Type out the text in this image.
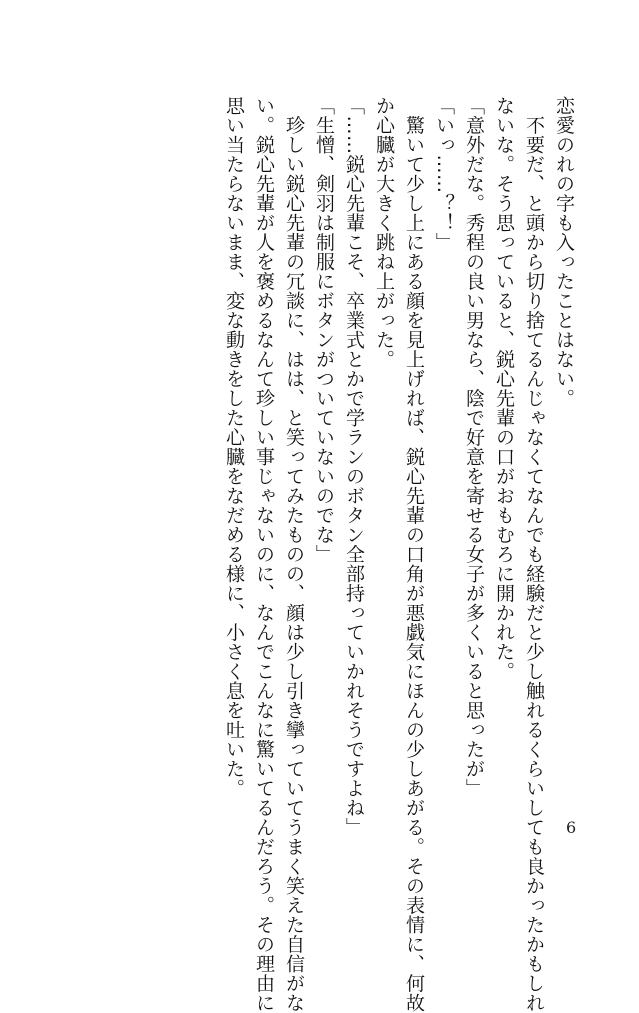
恋愛のれの字も入ったことはない。
　不要だ、と頭から切り捨てるんじゃなくてなんでも経験だと少し触れるくらいしても良かったかもしれ
ないな。そう思っていると、鋭心先輩の口がおもむろに開かれた。
「意外だな。秀程の良い男なら、陰で好意を寄せる女子が多くいると思ったが」
「いっ……？！」
　驚いて少し上にある顔を見上げれば、鋭心先輩の口角が悪戯気にほんの少しあがる。その表情に、何故
か心臓が大きく跳ね上がった。
「……鋭心先輩こそ、卒業式とかで学ランのボタン全部持っていかれそうですよね」
「生憎、剣羽は制服にボタンがついていないのでな」
　珍しい鋭心先輩の冗談に、はは、と笑ってみたものの、顔は少し引き攣っていてうまく笑えた自信がな
い。鋭心先輩が人を褒めるなんて珍しい事じゃないのに、なんでこんなに驚いてるんだろう。その理由に
思い当たらないまま、変な動きをした心臓をなだめる様に、小さく息を吐いた。
6
